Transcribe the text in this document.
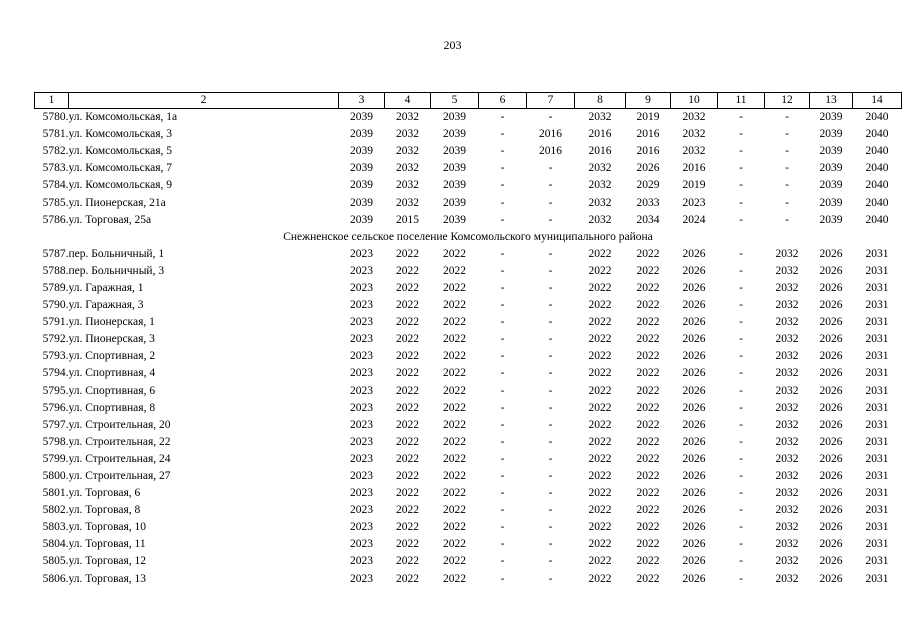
203
1	2	3	4	5	6	7	8	9	10	11	12	13	14
5780.	ул. Комсомольская, 1а	2039	2032	2039	-	-	2032	2019	2032	-	-	2039	2040
5781.	ул. Комсомольская, 3	2039	2032	2039	-	2016	2016	2016	2032	-	-	2039	2040
5782.	ул. Комсомольская, 5	2039	2032	2039	-	2016	2016	2016	2032	-	-	2039	2040
5783.	ул. Комсомольская, 7	2039	2032	2039	-	-	2032	2026	2016	-	-	2039	2040
5784.	ул. Комсомольская, 9	2039	2032	2039	-	-	2032	2029	2019	-	-	2039	2040
5785.	ул. Пионерская, 21а	2039	2032	2039	-	-	2032	2033	2023	-	-	2039	2040
5786.	ул. Торговая, 25а	2039	2015	2039	-	-	2032	2034	2024	-	-	2039	2040
Снежненское сельское поселение Комсомольского муниципального района													
5787.	пер. Больничный, 1	2023	2022	2022	-	-	2022	2022	2026	-	2032	2026	2031
5788.	пер. Больничный, 3	2023	2022	2022	-	-	2022	2022	2026	-	2032	2026	2031
5789.	ул. Гаражная, 1	2023	2022	2022	-	-	2022	2022	2026	-	2032	2026	2031
5790.	ул. Гаражная, 3	2023	2022	2022	-	-	2022	2022	2026	-	2032	2026	2031
5791.	ул. Пионерская, 1	2023	2022	2022	-	-	2022	2022	2026	-	2032	2026	2031
5792.	ул. Пионерская, 3	2023	2022	2022	-	-	2022	2022	2026	-	2032	2026	2031
5793.	ул. Спортивная, 2	2023	2022	2022	-	-	2022	2022	2026	-	2032	2026	2031
5794.	ул. Спортивная, 4	2023	2022	2022	-	-	2022	2022	2026	-	2032	2026	2031
5795.	ул. Спортивная, 6	2023	2022	2022	-	-	2022	2022	2026	-	2032	2026	2031
5796.	ул. Спортивная, 8	2023	2022	2022	-	-	2022	2022	2026	-	2032	2026	2031
5797.	ул. Строительная, 20	2023	2022	2022	-	-	2022	2022	2026	-	2032	2026	2031
5798.	ул. Строительная, 22	2023	2022	2022	-	-	2022	2022	2026	-	2032	2026	2031
5799.	ул. Строительная, 24	2023	2022	2022	-	-	2022	2022	2026	-	2032	2026	2031
5800.	ул. Строительная, 27	2023	2022	2022	-	-	2022	2022	2026	-	2032	2026	2031
5801.	ул. Торговая, 6	2023	2022	2022	-	-	2022	2022	2026	-	2032	2026	2031
5802.	ул. Торговая, 8	2023	2022	2022	-	-	2022	2022	2026	-	2032	2026	2031
5803.	ул. Торговая, 10	2023	2022	2022	-	-	2022	2022	2026	-	2032	2026	2031
5804.	ул. Торговая, 11	2023	2022	2022	-	-	2022	2022	2026	-	2032	2026	2031
5805.	ул. Торговая, 12	2023	2022	2022	-	-	2022	2022	2026	-	2032	2026	2031
5806.	ул. Торговая, 13	2023	2022	2022	-	-	2022	2022	2026	-	2032	2026	2031
